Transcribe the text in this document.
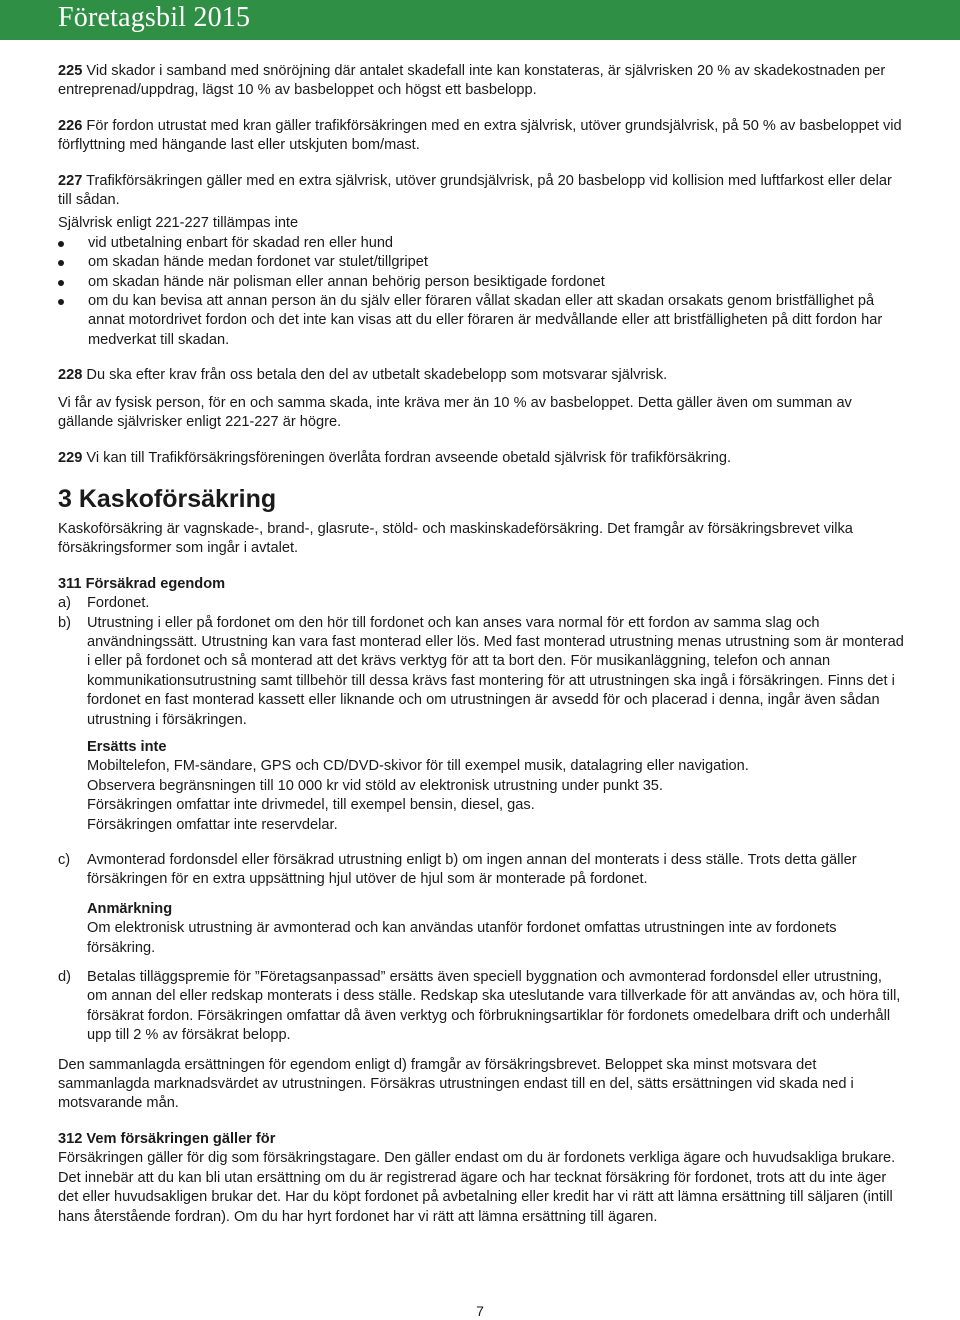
Företagsbil 2015

225 Vid skador i samband med snöröjning där antalet skadefall inte kan konstateras, är självrisken 20 % av skadekostnaden per entreprenad/uppdrag, lägst 10 % av basbeloppet och högst ett basbelopp.

226 För fordon utrustat med kran gäller trafikförsäkringen med en extra självrisk, utöver grundsjälvrisk, på 50 % av basbeloppet vid förflyttning med hängande last eller utskjuten bom/mast.

227 Trafikförsäkringen gäller med en extra självrisk, utöver grundsjälvrisk, på 20 basbelopp vid kollision med luftfarkost eller delar till sådan.

Självrisk enligt 221-227 tillämpas inte

vid utbetalning enbart för skadad ren eller hund
om skadan hände medan fordonet var stulet/tillgripet
om skadan hände när polisman eller annan behörig person besiktigade fordonet
om du kan bevisa att annan person än du själv eller föraren vållat skadan eller att skadan orsakats genom bristfällighet på annat motordrivet fordon och det inte kan visas att du eller föraren är medvållande eller att bristfälligheten på ditt fordon har medverkat till skadan.

228 Du ska efter krav från oss betala den del av utbetalt skadebelopp som motsvarar självrisk.

Vi får av fysisk person, för en och samma skada, inte kräva mer än 10 % av basbeloppet. Detta gäller även om summan av gällande självrisker enligt 221-227 är högre.

229 Vi kan till Trafikförsäkringsföreningen överlåta fordran avseende obetald självrisk för trafikförsäkring.

3 Kaskoförsäkring

Kaskoförsäkring är vagnskade-, brand-, glasrute-, stöld- och maskinskadeförsäkring. Det framgår av försäkringsbrevet vilka försäkringsformer som ingår i avtalet.

311 Försäkrad egendom

a) Fordonet.
b) Utrustning i eller på fordonet om den hör till fordonet och kan anses vara normal för ett fordon av samma slag och användningssätt. Utrustning kan vara fast monterad eller lös. Med fast monterad utrustning menas utrustning som är monterad i eller på fordonet och så monterad att det krävs verktyg för att ta bort den. För musikanläggning, telefon och annan kommunikationsutrustning samt tillbehör till dessa krävs fast montering för att utrustningen ska ingå i försäkringen. Finns det i fordonet en fast monterad kassett eller liknande och om utrustningen är avsedd för och placerad i denna, ingår även sådan utrustning i försäkringen.

Ersätts inte

Mobiltelefon, FM-sändare, GPS och CD/DVD-skivor för till exempel musik, datalagring eller navigation.

Observera begränsningen till 10 000 kr vid stöld av elektronisk utrustning under punkt 35.

Försäkringen omfattar inte drivmedel, till exempel bensin, diesel, gas.

Försäkringen omfattar inte reservdelar.

c) Avmonterad fordonsdel eller försäkrad utrustning enligt b) om ingen annan del monterats i dess ställe. Trots detta gäller försäkringen för en extra uppsättning hjul utöver de hjul som är monterade på fordonet.

Anmärkning

Om elektronisk utrustning är avmonterad och kan användas utanför fordonet omfattas utrustningen inte av fordonets försäkring.

d) Betalas tilläggspremie för ”Företagsanpassad” ersätts även speciell byggnation och avmonterad fordonsdel eller utrustning, om annan del eller redskap monterats i dess ställe. Redskap ska uteslutande vara tillverkade för att användas av, och höra till, försäkrat fordon. Försäkringen omfattar då även verktyg och förbrukningsartiklar för fordonets omedelbara drift och underhåll upp till 2 % av försäkrat belopp.

Den sammanlagda ersättningen för egendom enligt d) framgår av försäkringsbrevet. Beloppet ska minst motsvara det sammanlagda marknadsvärdet av utrustningen. Försäkras utrustningen endast till en del, sätts ersättningen vid skada ned i motsvarande mån.

312 Vem försäkringen gäller för

Försäkringen gäller för dig som försäkringstagare. Den gäller endast om du är fordonets verkliga ägare och huvudsakliga brukare. Det innebär att du kan bli utan ersättning om du är registrerad ägare och har tecknat försäkring för fordonet, trots att du inte äger det eller huvudsakligen brukar det. Har du köpt fordonet på avbetalning eller kredit har vi rätt att lämna ersättning till säljaren (intill hans återstående fordran). Om du har hyrt fordonet har vi rätt att lämna ersättning till ägaren.

7
